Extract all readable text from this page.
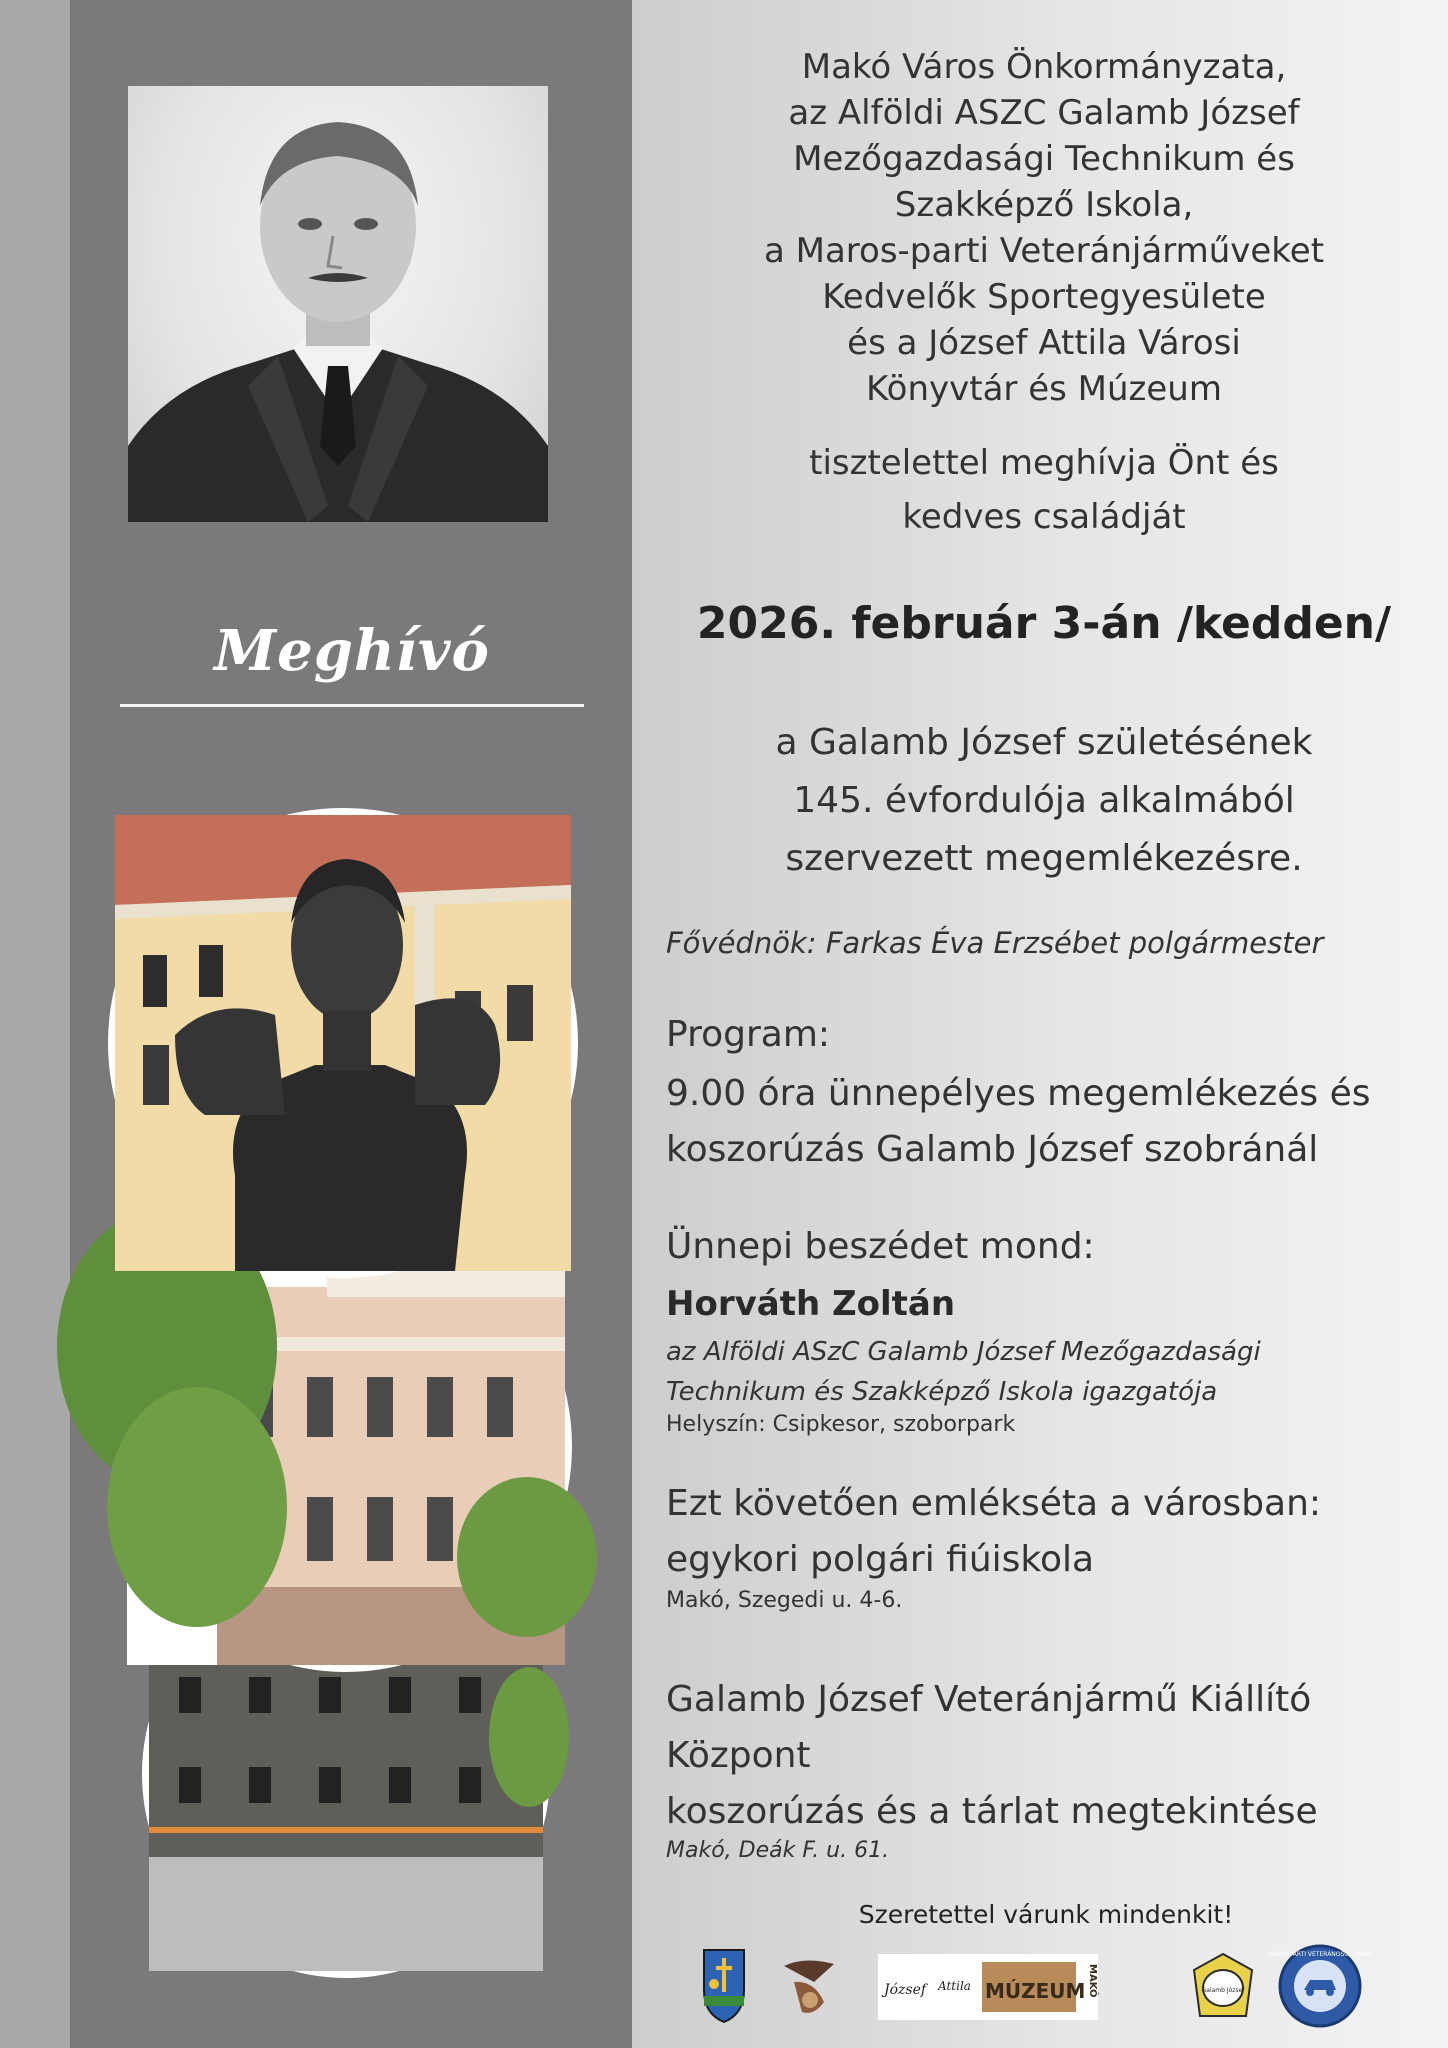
Meghívó
Makó Város Önkormányzata,
az Alföldi ASZC Galamb József
Mezőgazdasági Technikum és
Szakképző Iskola,
a Maros-parti Veteránjárműveket
Kedvelők Sportegyesülete
és a József Attila Városi
Könyvtár és Múzeum
tisztelettel meghívja Önt és
kedves családját
2026. február 3-án /kedden/
a Galamb József születésének
145. évfordulója alkalmából
szervezett megemlékezésre.
Fővédnök: Farkas Éva Erzsébet polgármester
Program:
9.00 óra ünnepélyes megemlékezés és
koszorúzás Galamb József szobránál
Ünnepi beszédet mond:
Horváth Zoltán
az Alföldi ASzC Galamb József Mezőgazdasági
Technikum és Szakképző Iskola igazgatója
Helyszín: Csipkesor, szoborpark
Ezt követően emlékséta a városban:
egykori polgári fiúiskola
Makó, Szegedi u. 4-6.
Galamb József Veteránjármű Kiállító
Központ
koszorúzás és a tárlat megtekintése
Makó, Deák F. u. 61.
Szeretettel várunk mindenkit!
József Attila MÚZEUM MAKÓ	Galamb József
MAROSPARTI VETERÁNOSOK MAKÓ
